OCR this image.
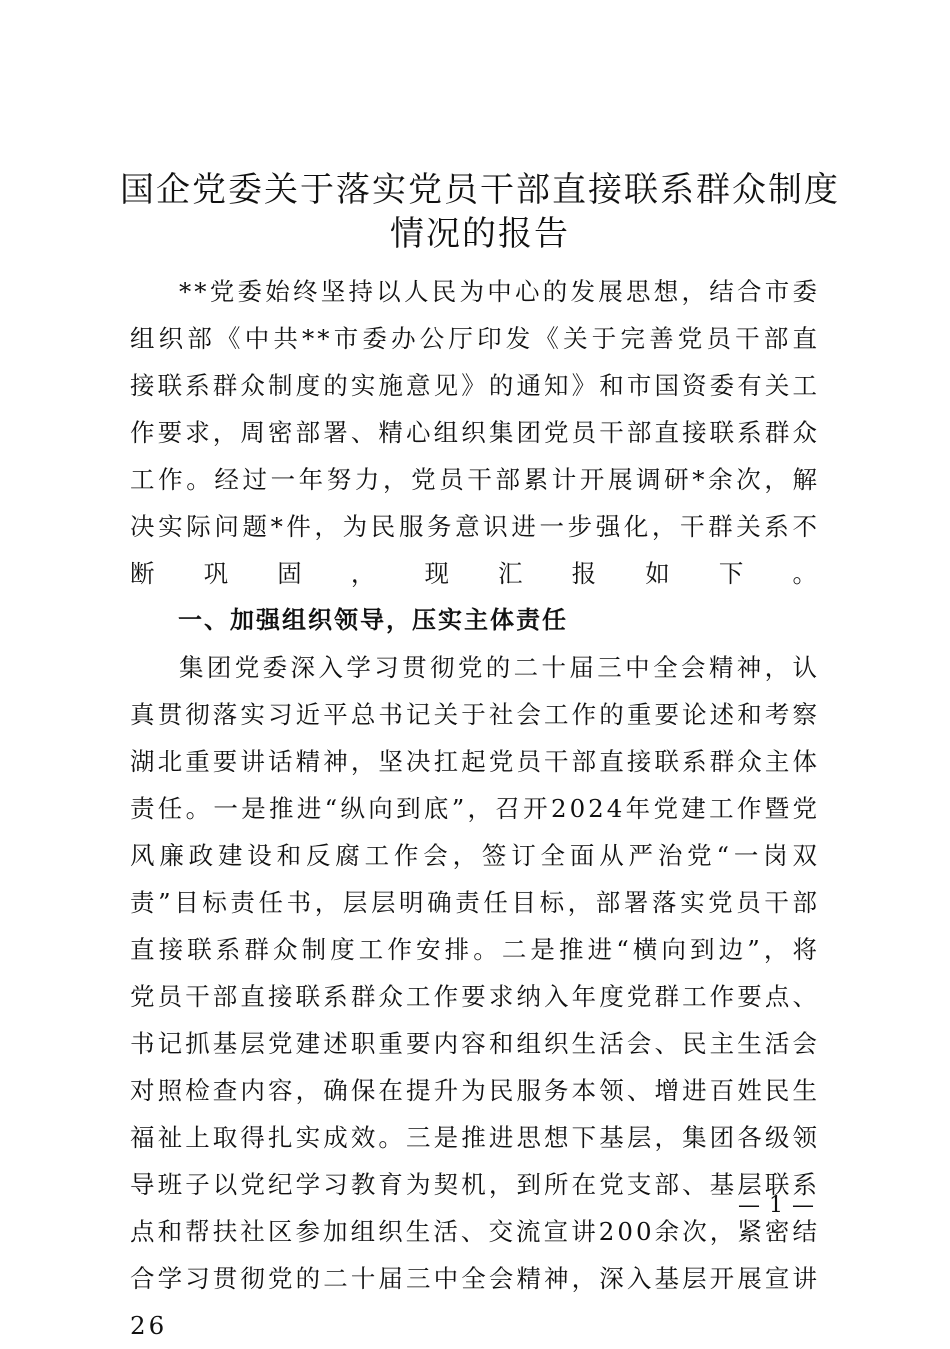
国企党委关于落实党员干部直接联系群众制度
情况的报告

**党委始终坚持以人民为中心的发展思想，结合市委组织部《中共**市委办公厅印发《关于完善党员干部直接联系群众制度的实施意见》的通知》和市国资委有关工作要求，周密部署、精心组织集团党员干部直接联系群众工作。经过一年努力，党员干部累计开展调研*余次，解决实际问题*件，为民服务意识进一步强化，干群关系不断巩固，现汇报如下。

一、加强组织领导，压实主体责任

集团党委深入学习贯彻党的二十届三中全会精神，认真贯彻落实习近平总书记关于社会工作的重要论述和考察湖北重要讲话精神，坚决扛起党员干部直接联系群众主体责任。一是推进“纵向到底”，召开2024年党建工作暨党风廉政建设和反腐工作会，签订全面从严治党“一岗双责”目标责任书，层层明确责任目标，部署落实党员干部直接联系群众制度工作安排。二是推进“横向到边”，将党员干部直接联系群众工作要求纳入年度党群工作要点、书记抓基层党建述职重要内容和组织生活会、民主生活会对照检查内容，确保在提升为民服务本领、增进百姓民生福祉上取得扎实成效。三是推进思想下基层，集团各级领导班子以党纪学习教育为契机，到所在党支部、基层联系点和帮扶社区参加组织生活、交流宣讲200余次，紧密结合学习贯彻党的二十届三中全会精神，深入基层开展宣讲26

— 1 —
